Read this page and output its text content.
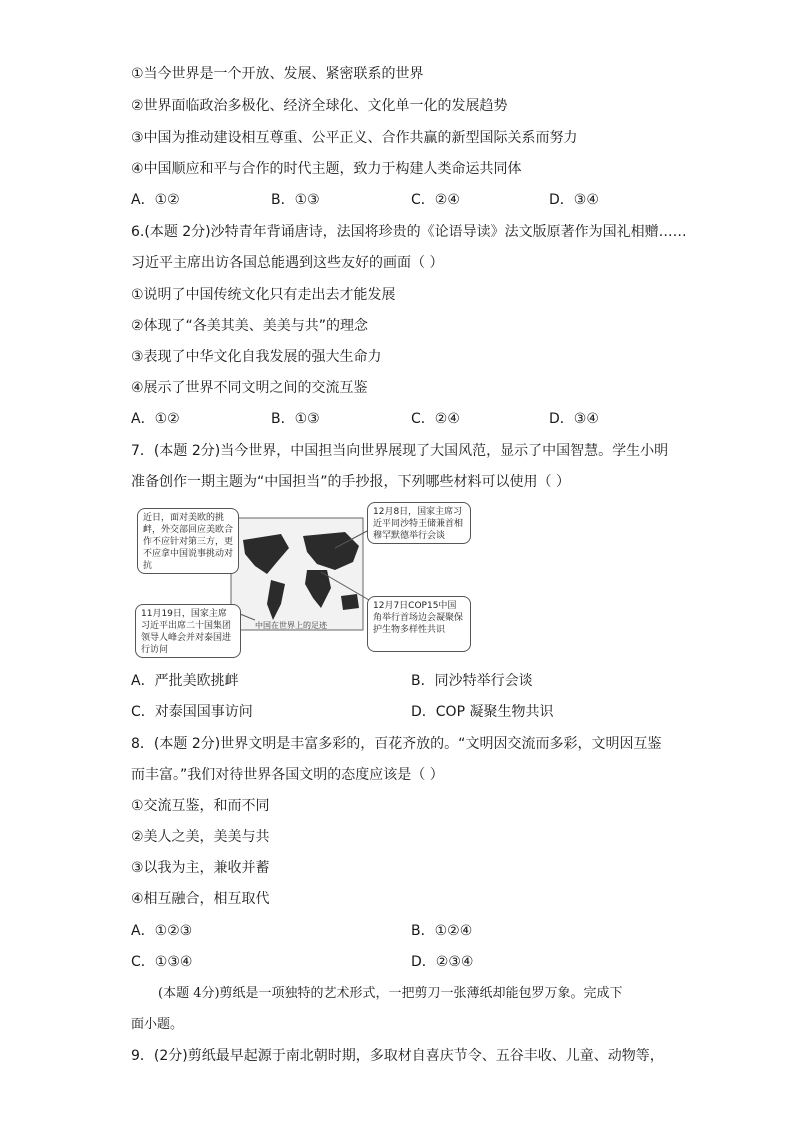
①当今世界是一个开放、发展、紧密联系的世界
②世界面临政治多极化、经济全球化、文化单一化的发展趋势
③中国为推动建设相互尊重、公平正义、合作共赢的新型国际关系而努力
④中国顺应和平与合作的时代主题，致力于构建人类命运共同体
A．①②	B．①③	C．②④	D．③④
6.(本题 2分)沙特青年背诵唐诗，法国将珍贵的《论语导读》法文版原著作为国礼相赠……
习近平主席出访各国总能遇到这些友好的画面（ ）
①说明了中国传统文化只有走出去才能发展
②体现了“各美其美、美美与共”的理念
③表现了中华文化自我发展的强大生命力
④展示了世界不同文明之间的交流互鉴
A．①②	B．①③	C．②④	D．③④
7．(本题 2分)当今世界，中国担当向世界展现了大国风范，显示了中国智慧。学生小明
准备创作一期主题为“中国担当”的手抄报，下列哪些材料可以使用（ ）
近日，面对美欧的挑衅，外交部回应美欧合作不应针对第三方，更不应拿中国说事挑动对抗
12月8日，国家主席习近平同沙特王储兼首相穆罕默德举行会谈
11月19日，国家主席习近平出席二十国集团领导人峰会并对泰国进行访问
12月7日COP15中国角举行首场边会凝聚保护生物多样性共识
中国在世界上的足迹
A．严批美欧挑衅	B．同沙特举行会谈
C．对泰国国事访问	D．COP 凝聚生物共识
8．(本题 2分)世界文明是丰富多彩的，百花齐放的。“文明因交流而多彩，文明因互鉴
而丰富。”我们对待世界各国文明的态度应该是（ ）
①交流互鉴，和而不同
②美人之美，美美与共
③以我为主，兼收并蓄
④相互融合，相互取代
A．①②③	B．①②④
C．①③④	D．②③④
(本题 4分)剪纸是一项独特的艺术形式，一把剪刀一张薄纸却能包罗万象。完成下
面小题。
9．(2分)剪纸最早起源于南北朝时期，多取材自喜庆节令、五谷丰收、儿童、动物等，
